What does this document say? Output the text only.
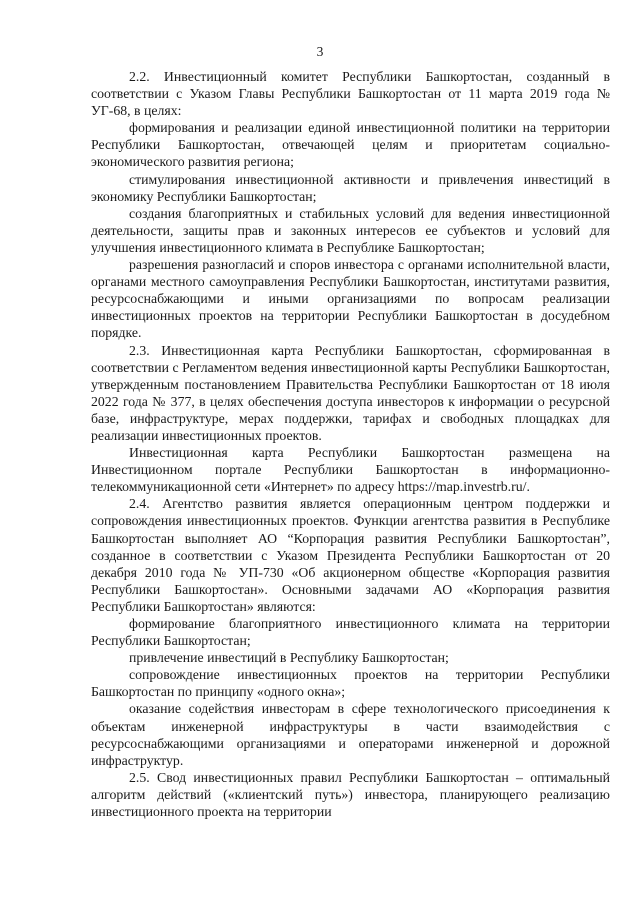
3

2.2. Инвестиционный комитет Республики Башкортостан, созданный в соответствии с Указом Главы Республики Башкортостан от 11 марта 2019 года № УГ-68, в целях:

формирования и реализации единой инвестиционной политики на территории Республики Башкортостан, отвечающей целям и приоритетам социально-экономического развития региона;

стимулирования инвестиционной активности и привлечения инвестиций в экономику Республики Башкортостан;

создания благоприятных и стабильных условий для ведения инвестиционной деятельности, защиты прав и законных интересов ее субъектов и условий для улучшения инвестиционного климата в Республике Башкортостан;

разрешения разногласий и споров инвестора с органами исполнительной власти, органами местного самоуправления Республики Башкортостан, институтами развития, ресурсоснабжающими и иными организациями по вопросам реализации инвестиционных проектов на территории Республики Башкортостан в досудебном порядке.

2.3. Инвестиционная карта Республики Башкортостан, сформированная в соответствии с Регламентом ведения инвестиционной карты Республики Башкортостан, утвержденным постановлением Правительства Республики Башкортостан от 18 июля 2022 года № 377, в целях обеспечения доступа инвесторов к информации о ресурсной базе, инфраструктуре, мерах поддержки, тарифах и свободных площадках для реализации инвестиционных проектов.

Инвестиционная карта Республики Башкортостан размещена на Инвестиционном портале Республики Башкортостан в информационно-телекоммуникационной сети «Интернет» по адресу https://map.investrb.ru/.

2.4. Агентство развития является операционным центром поддержки и сопровождения инвестиционных проектов. Функции агентства развития в Республике Башкортостан выполняет АО “Корпорация развития Республики Башкортостан”, созданное в соответствии с Указом Президента Республики Башкортостан от 20 декабря 2010 года № УП-730 «Об акционерном обществе «Корпорация развития Республики Башкортостан». Основными задачами АО «Корпорация развития Республики Башкортостан» являются:

формирование благоприятного инвестиционного климата на территории Республики Башкортостан;

привлечение инвестиций в Республику Башкортостан;

сопровождение инвестиционных проектов на территории Республики Башкортостан по принципу «одного окна»;

оказание содействия инвесторам в сфере технологического присоединения к объектам инженерной инфраструктуры в части взаимодействия с ресурсоснабжающими организациями и операторами инженерной и дорожной инфраструктур.

2.5. Свод инвестиционных правил Республики Башкортостан – оптимальный алгоритм действий («клиентский путь») инвестора, планирующего реализацию инвестиционного проекта на территории
